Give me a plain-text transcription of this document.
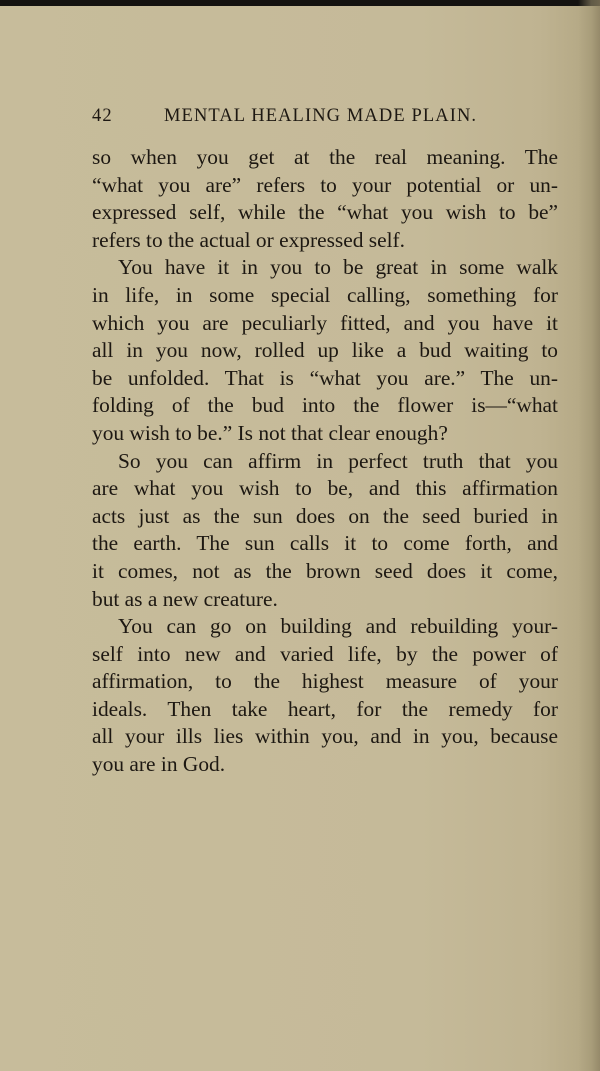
42	MENTAL HEALING MADE PLAIN.
so when you get at the real meaning. The
“what you are” refers to your potential or un-
expressed self, while the “what you wish to be”
refers to the actual or expressed self.
You have it in you to be great in some walk
in life, in some special calling, something for
which you are peculiarly fitted, and you have it
all in you now, rolled up like a bud waiting to
be unfolded. That is “what you are.” The un-
folding of the bud into the flower is—“what
you wish to be.” Is not that clear enough?
So you can affirm in perfect truth that you
are what you wish to be, and this affirmation
acts just as the sun does on the seed buried in
the earth. The sun calls it to come forth, and
it comes, not as the brown seed does it come,
but as a new creature.
You can go on building and rebuilding your-
self into new and varied life, by the power of
affirmation, to the highest measure of your
ideals. Then take heart, for the remedy for
all your ills lies within you, and in you, because
you are in God.
